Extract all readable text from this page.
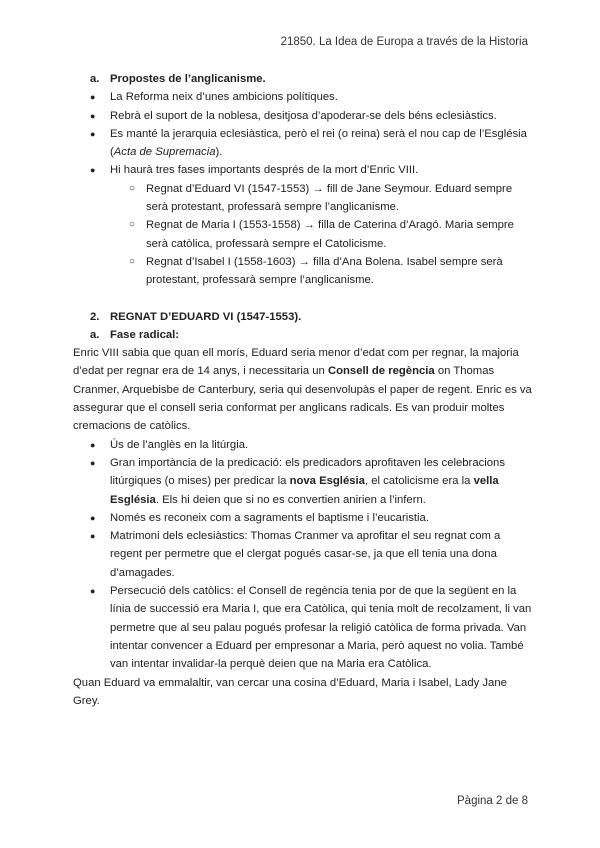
21850. La Idea de Europa a través de la Historia
a. Propostes de l’anglicanisme.
● La Reforma neix d’unes ambicions polítiques.
● Rebrà el suport de la noblesa, desitjosa d’apoderar-se dels béns eclesiàstics.
● Es manté la jerarquia eclesiàstica, però el rei (o reina) serà el nou cap de l’Església (Acta de Supremacia).
● Hi haurà tres fases importants després de la mort d’Enric VIII.
○ Regnat d’Eduard VI (1547-1553) → fill de Jane Seymour. Eduard sempre serà protestant, professarà sempre l’anglicanisme.
○ Regnat de Maria I (1553-1558) → filla de Caterina d’Aragó. Maria sempre serà catòlica, professarà sempre el Catolicisme.
○ Regnat d’Isabel I (1558-1603) → filla d’Ana Bolena. Isabel sempre serà protestant, professarà sempre l’anglicanisme.
2. REGNAT D’EDUARD VI (1547-1553).
a. Fase radical:

Enric VIII sabia que quan ell morís, Eduard seria menor d’edat com per regnar, la majoria d’edat per regnar era de 14 anys, i necessitaria un Consell de regència on Thomas Cranmer, Arquebisbe de Canterbury, seria qui desenvolupàs el paper de regent. Enric es va assegurar que el consell seria conformat per anglicans radicals. Es van produir moltes cremacions de catòlics.

● Ús de l’anglès en la litúrgia.
● Gran importància de la predicació: els predicadors aprofitaven les celebracions litúrgiques (o mises) per predicar la nova Església, el catolicisme era la vella Església. Els hi deien que si no es convertien anirien a l’infern.
● Només es reconeix com a sagraments el baptisme i l’eucaristia.
● Matrimoni dels eclesiàstics: Thomas Cranmer va aprofitar el seu regnat com a regent per permetre que el clergat pogués casar-se, ja que ell tenia una dona d’amagades.
● Persecució dels catòlics: el Consell de regència tenia por de que la següent en la línia de successió era Maria I, que era Catòlica, qui tenia molt de recolzament, li van permetre que al seu palau pogués profesar la religió catòlica de forma privada. Van intentar convencer a Eduard per empresonar a Maria, però aquest no volia. També van intentar invalidar-la perquè deien que na Maria era Catòlica.

Quan Eduard va emmalaltir, van cercar una cosina d’Eduard, Maria i Isabel, Lady Jane Grey.

Pàgina 2 de 8
